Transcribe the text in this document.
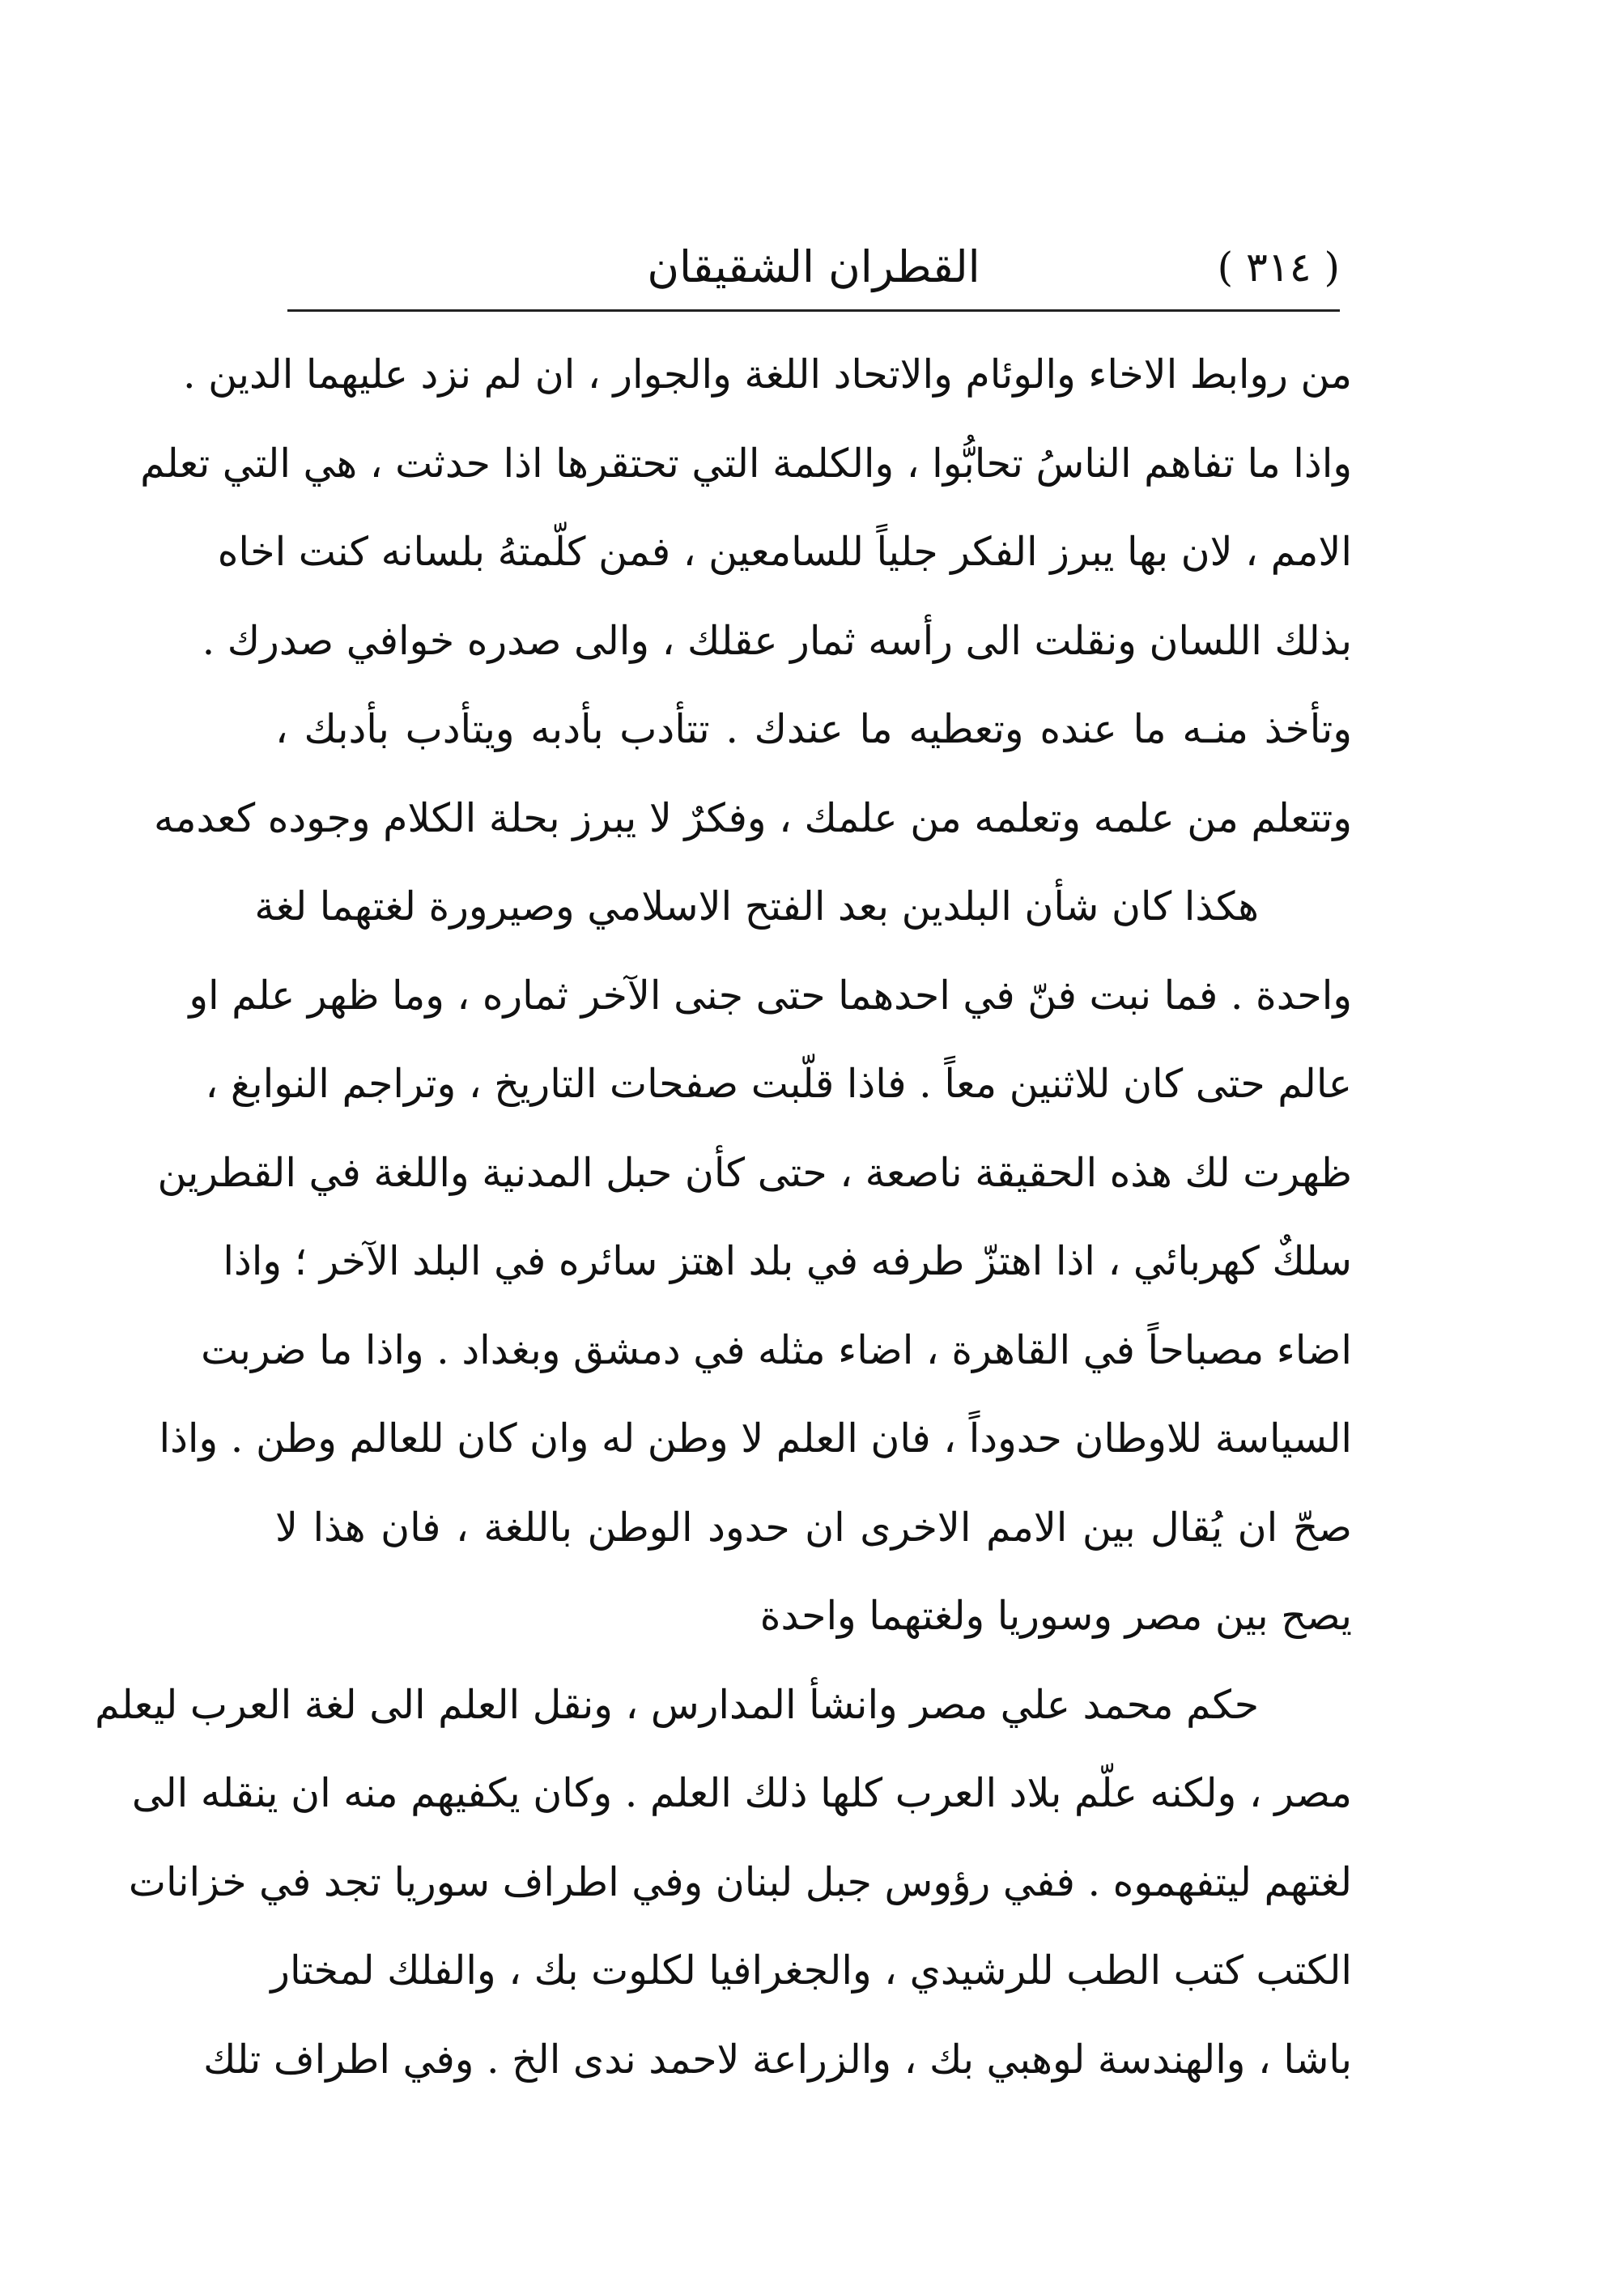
( ٣١٤ )
القطران الشقيقان
من روابط الاخاء والوئام والاتحاد اللغة والجوار ، ان لم نزد عليهما الدين .
واذا ما تفاهم الناسُ تحابُّوا ، والكلمة التي تحتقرها اذا حدثت ، هي التي تعلم
الامم ، لان بها يبرز الفكر جلياً للسامعين ، فمن كلّمتهُ بلسانه كنت اخاه
بذلك اللسان ونقلت الى رأسه ثمار عقلك ، والى صدره خوافي صدرك .
وتأخذ منـه ما عنده وتعطيه ما عندك . تتأدب بأدبه ويتأدب بأدبك ،
وتتعلم من علمه وتعلمه من علمك ، وفكرٌ لا يبرز بحلة الكلام وجوده كعدمه
هكذا كان شأن البلدين بعد الفتح الاسلامي وصيرورة لغتهما لغة
واحدة . فما نبت فنّ في احدهما حتى جنى الآخر ثماره ، وما ظهر علم او
عالم حتى كان للاثنين معاً . فاذا قلّبت صفحات التاريخ ، وتراجم النوابغ ،
ظهرت لك هذه الحقيقة ناصعة ، حتى كأن حبل المدنية واللغة في القطرين
سلكٌ كهربائي ، اذا اهتزّ طرفه في بلد اهتز سائره في البلد الآخر ؛ واذا
اضاء مصباحاً في القاهرة ، اضاء مثله في دمشق وبغداد . واذا ما ضربت
السياسة للاوطان حدوداً ، فان العلم لا وطن له وان كان للعالم وطن . واذا
صحّ ان يُقال بين الامم الاخرى ان حدود الوطن باللغة ، فان هذا لا
يصح بين مصر وسوريا ولغتهما واحدة
حكم محمد علي مصر وانشأ المدارس ، ونقل العلم الى لغة العرب ليعلم
مصر ، ولكنه علّم بلاد العرب كلها ذلك العلم . وكان يكفيهم منه ان ينقله الى
لغتهم ليتفهموه . ففي رؤوس جبل لبنان وفي اطراف سوريا تجد في خزانات
الكتب كتب الطب للرشيدي ، والجغرافيا لكلوت بك ، والفلك لمختار
باشا ، والهندسة لوهبي بك ، والزراعة لاحمد ندى الخ . وفي اطراف تلك
